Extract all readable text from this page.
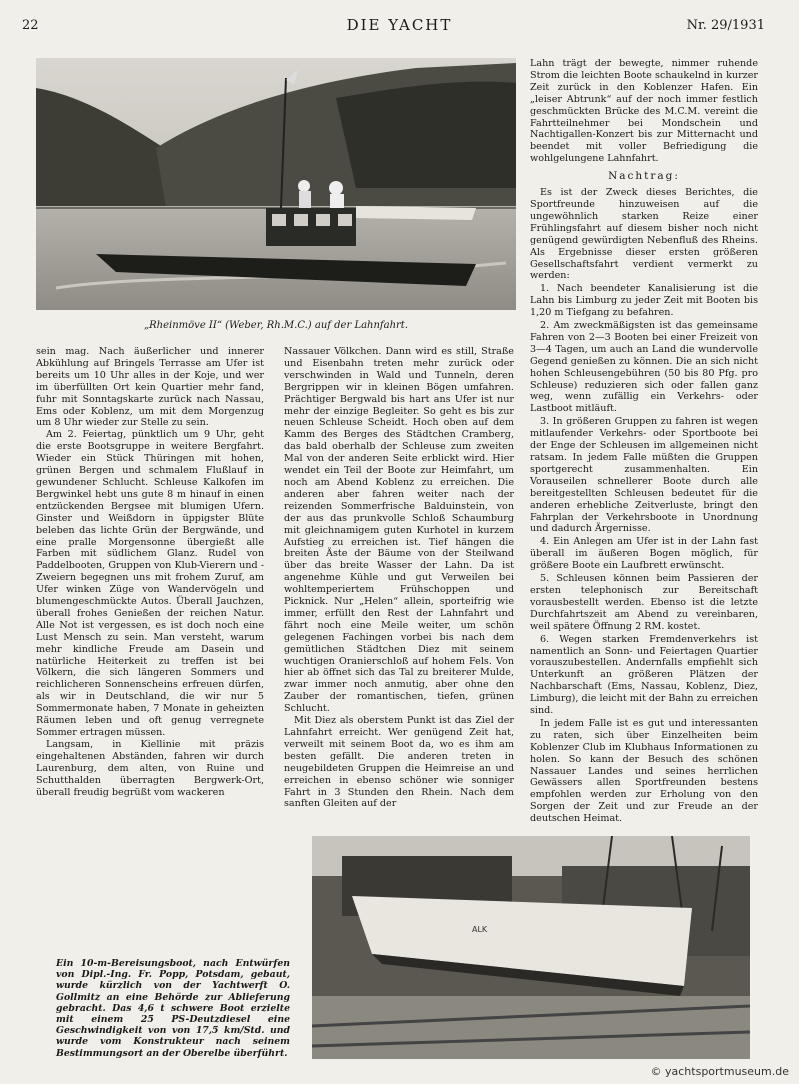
22	DIE YACHT	Nr. 29/1931
„Rheinmöve II“ (Weber, Rh.M.C.) auf der Lahnfahrt.

sein mag. Nach äußerlicher und innerer Abkühlung auf Bringels Terrasse am Ufer ist bereits um 10 Uhr alles in der Koje, und wer im überfüllten Ort kein Quartier mehr fand, fuhr mit Sonntagskarte zurück nach Nassau, Ems oder Koblenz, um mit dem Morgenzug um 8 Uhr wieder zur Stelle zu sein.

Am 2. Feiertag, pünktlich um 9 Uhr, geht die erste Bootsgruppe in weitere Bergfahrt. Wieder ein Stück Thüringen mit hohen, grünen Bergen und schmalem Flußlauf in gewundener Schlucht. Schleuse Kalkofen im Bergwinkel hebt uns gute 8 m hinauf in einen entzückenden Bergsee mit blumigen Ufern. Ginster und Weißdorn in üppigster Blüte beleben das lichte Grün der Bergwände, und eine pralle Morgensonne übergießt alle Farben mit südlichem Glanz. Rudel von Paddelbooten, Gruppen von Klub-Vierern und -Zweiern begegnen uns mit frohem Zuruf, am Ufer winken Züge von Wandervögeln und blumengeschmückte Autos. Überall Jauchzen, überall frohes Genießen der reichen Natur. Alle Not ist vergessen, es ist doch noch eine Lust Mensch zu sein. Man versteht, warum mehr kindliche Freude am Dasein und natürliche Heiterkeit zu treffen ist bei Völkern, die sich längeren Sommers und reichlicheren Sonnenscheins erfreuen dürfen, als wir in Deutschland, die wir nur 5 Sommermonate haben, 7 Monate in geheizten Räumen leben und oft genug verregnete Sommer ertragen müssen.

Langsam, in Kiellinie mit präzis eingehaltenen Abständen, fahren wir durch Laurenburg, dem alten, von Ruine und Schutthalden überragten Bergwerk-Ort, überall freudig begrüßt vom wackeren

Nassauer Völkchen. Dann wird es still, Straße und Eisenbahn treten mehr zurück oder verschwinden in Wald und Tunneln, deren Bergrippen wir in kleinen Bögen umfahren. Prächtiger Bergwald bis hart ans Ufer ist nur mehr der einzige Begleiter. So geht es bis zur neuen Schleuse Scheidt. Hoch oben auf dem Kamm des Berges des Städtchen Cramberg, das bald oberhalb der Schleuse zum zweiten Mal von der anderen Seite erblickt wird. Hier wendet ein Teil der Boote zur Heimfahrt, um noch am Abend Koblenz zu erreichen. Die anderen aber fahren weiter nach der reizenden Sommerfrische Balduinstein, von der aus das prunkvolle Schloß Schaumburg mit gleichnamigem guten Kurhotel in kurzem Aufstieg zu erreichen ist. Tief hängen die breiten Äste der Bäume von der Steilwand über das breite Wasser der Lahn. Da ist angenehme Kühle und gut Verweilen bei wohltemperiertem Frühschoppen und Picknick. Nur „Helen“ allein, sporteifrig wie immer, erfüllt den Rest der Lahnfahrt und fährt noch eine Meile weiter, um schön gelegenen Fachingen vorbei bis nach dem gemütlichen Städtchen Diez mit seinem wuchtigen Oranierschloß auf hohem Fels. Von hier ab öffnet sich das Tal zu breiterer Mulde, zwar immer noch anmutig, aber ohne den Zauber der romantischen, tiefen, grünen Schlucht.

Mit Diez als oberstem Punkt ist das Ziel der Lahnfahrt erreicht. Wer genügend Zeit hat, verweilt mit seinem Boot da, wo es ihm am besten gefällt. Die anderen treten in neugebildeten Gruppen die Heimreise an und erreichen in ebenso schöner wie sonniger Fahrt in 3 Stunden den Rhein. Nach dem sanften Gleiten auf der

Lahn trägt der bewegte, nimmer ruhende Strom die leichten Boote schaukelnd in kurzer Zeit zurück in den Koblenzer Hafen. Ein „leiser Abtrunk“ auf der noch immer festlich geschmückten Brücke des M.C.M. vereint die Fahrtteilnehmer bei Mondschein und Nachtigallen-Konzert bis zur Mitternacht und beendet mit voller Befriedigung die wohlgelungene Lahnfahrt.

Nachtrag:

Es ist der Zweck dieses Berichtes, die Sportfreunde hinzuweisen auf die ungewöhnlich starken Reize einer Frühlingsfahrt auf diesem bisher noch nicht genügend gewürdigten Nebenfluß des Rheins. Als Ergebnisse dieser ersten größeren Gesellschaftsfahrt verdient vermerkt zu werden:

1. Nach beendeter Kanalisierung ist die Lahn bis Limburg zu jeder Zeit mit Booten bis 1,20 m Tiefgang zu befahren.

2. Am zweckmäßigsten ist das gemeinsame Fahren von 2—3 Booten bei einer Freizeit von 3—4 Tagen, um auch an Land die wundervolle Gegend genießen zu können. Die an sich nicht hohen Schleusengebühren (50 bis 80 Pfg. pro Schleuse) reduzieren sich oder fallen ganz weg, wenn zufällig ein Verkehrs- oder Lastboot mitläuft.

3. In größeren Gruppen zu fahren ist wegen mitlaufender Verkehrs- oder Sportboote bei der Enge der Schleusen im allgemeinen nicht ratsam. In jedem Falle müßten die Gruppen sportgerecht zusammenhalten. Ein Vorauseilen schnellerer Boote durch alle bereitgestellten Schleusen bedeutet für die anderen erhebliche Zeitverluste, bringt den Fahrplan der Verkehrsboote in Unordnung und dadurch Ärgernisse.

4. Ein Anlegen am Ufer ist in der Lahn fast überall im äußeren Bogen möglich, für größere Boote ein Laufbrett erwünscht.

5. Schleusen können beim Passieren der ersten telephonisch zur Bereitschaft vorausbestellt werden. Ebenso ist die letzte Durchfahrtszeit am Abend zu vereinbaren, weil spätere Öffnung 2 RM. kostet.

6. Wegen starken Fremdenverkehrs ist namentlich an Sonn- und Feiertagen Quartier vorauszubestellen. Andernfalls empfiehlt sich Unterkunft an größeren Plätzen der Nachbarschaft (Ems, Nassau, Koblenz, Diez, Limburg), die leicht mit der Bahn zu erreichen sind.

In jedem Falle ist es gut und interessanten zu raten, sich über Einzelheiten beim Koblenzer Club im Klubhaus Informationen zu holen. So kann der Besuch des schönen Nassauer Landes und seines herrlichen Gewässers allen Sportfreunden bestens empfohlen werden zur Erholung von den Sorgen der Zeit und zur Freude an der deutschen Heimat.

ALK
Ein 10-m-Bereisungsboot, nach Entwürfen von Dipl.-Ing. Fr. Popp, Potsdam, gebaut, wurde kürzlich von der Yachtwerft O. Gollmitz an eine Behörde zur Ablieferung gebracht. Das 4,6 t schwere Boot erzielte mit einem 25 PS-Deutzdiesel eine Geschwindigkeit von von 17,5 km/Std. und wurde vom Konstrukteur nach seinem Bestimmungsort an der Oberelbe überführt.
© yachtsportmuseum.de
